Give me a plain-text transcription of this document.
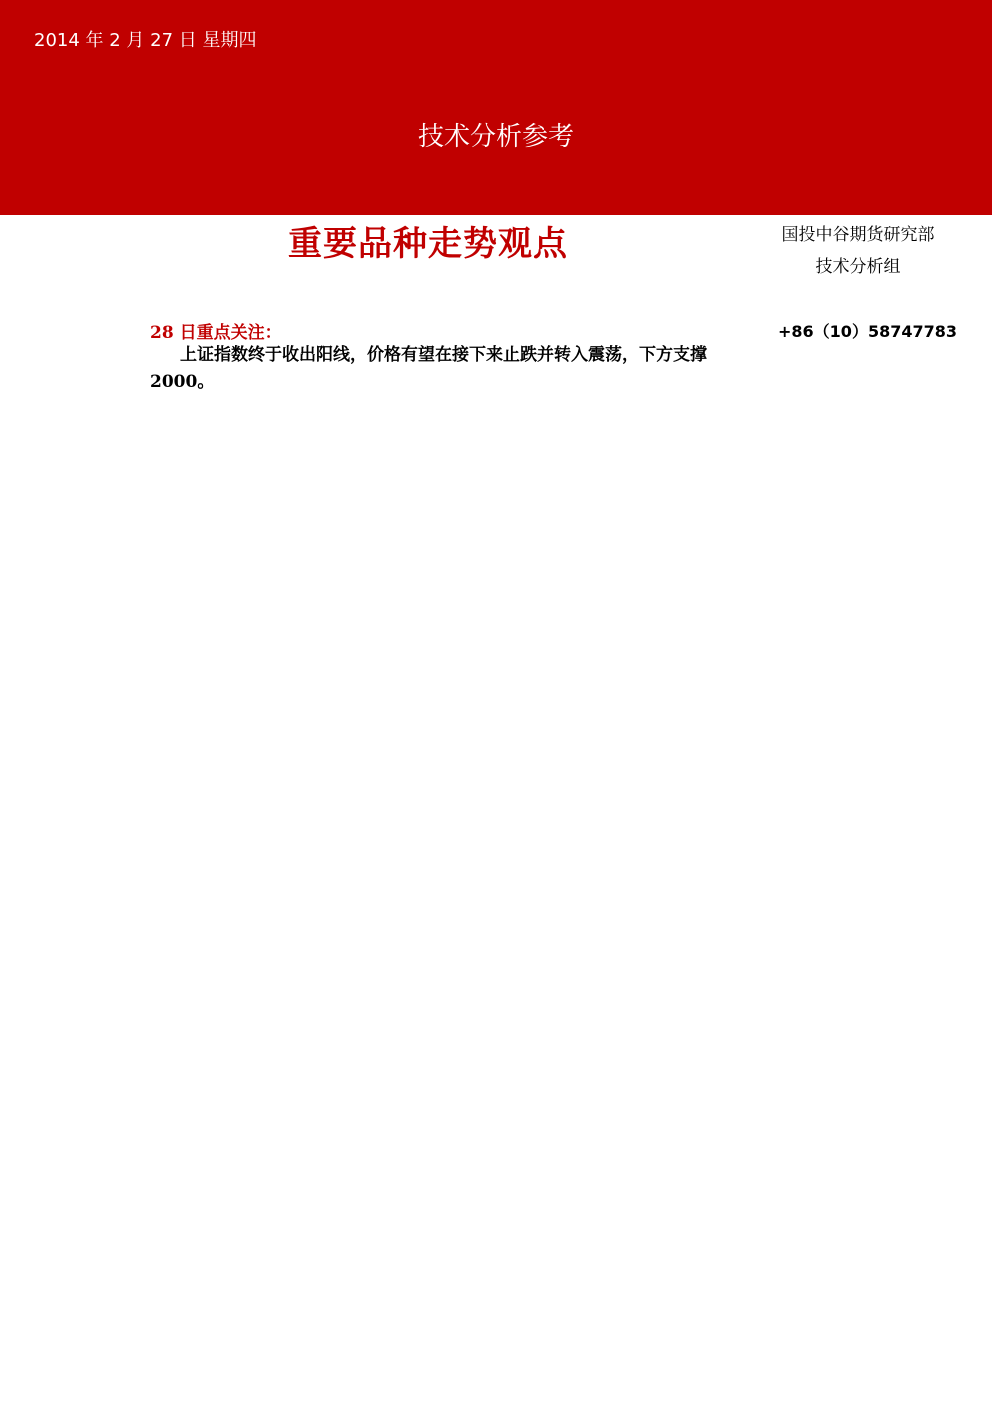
2014 年 2 月 27 日 星期四
技术分析参考
重要品种走势观点	国投中谷期货研究部
技术分析组
+86（10）58747783
28 日重点关注：
上证指数终于收出阳线，价格有望在接下来止跌并转入震荡，下方支撑 2000。
